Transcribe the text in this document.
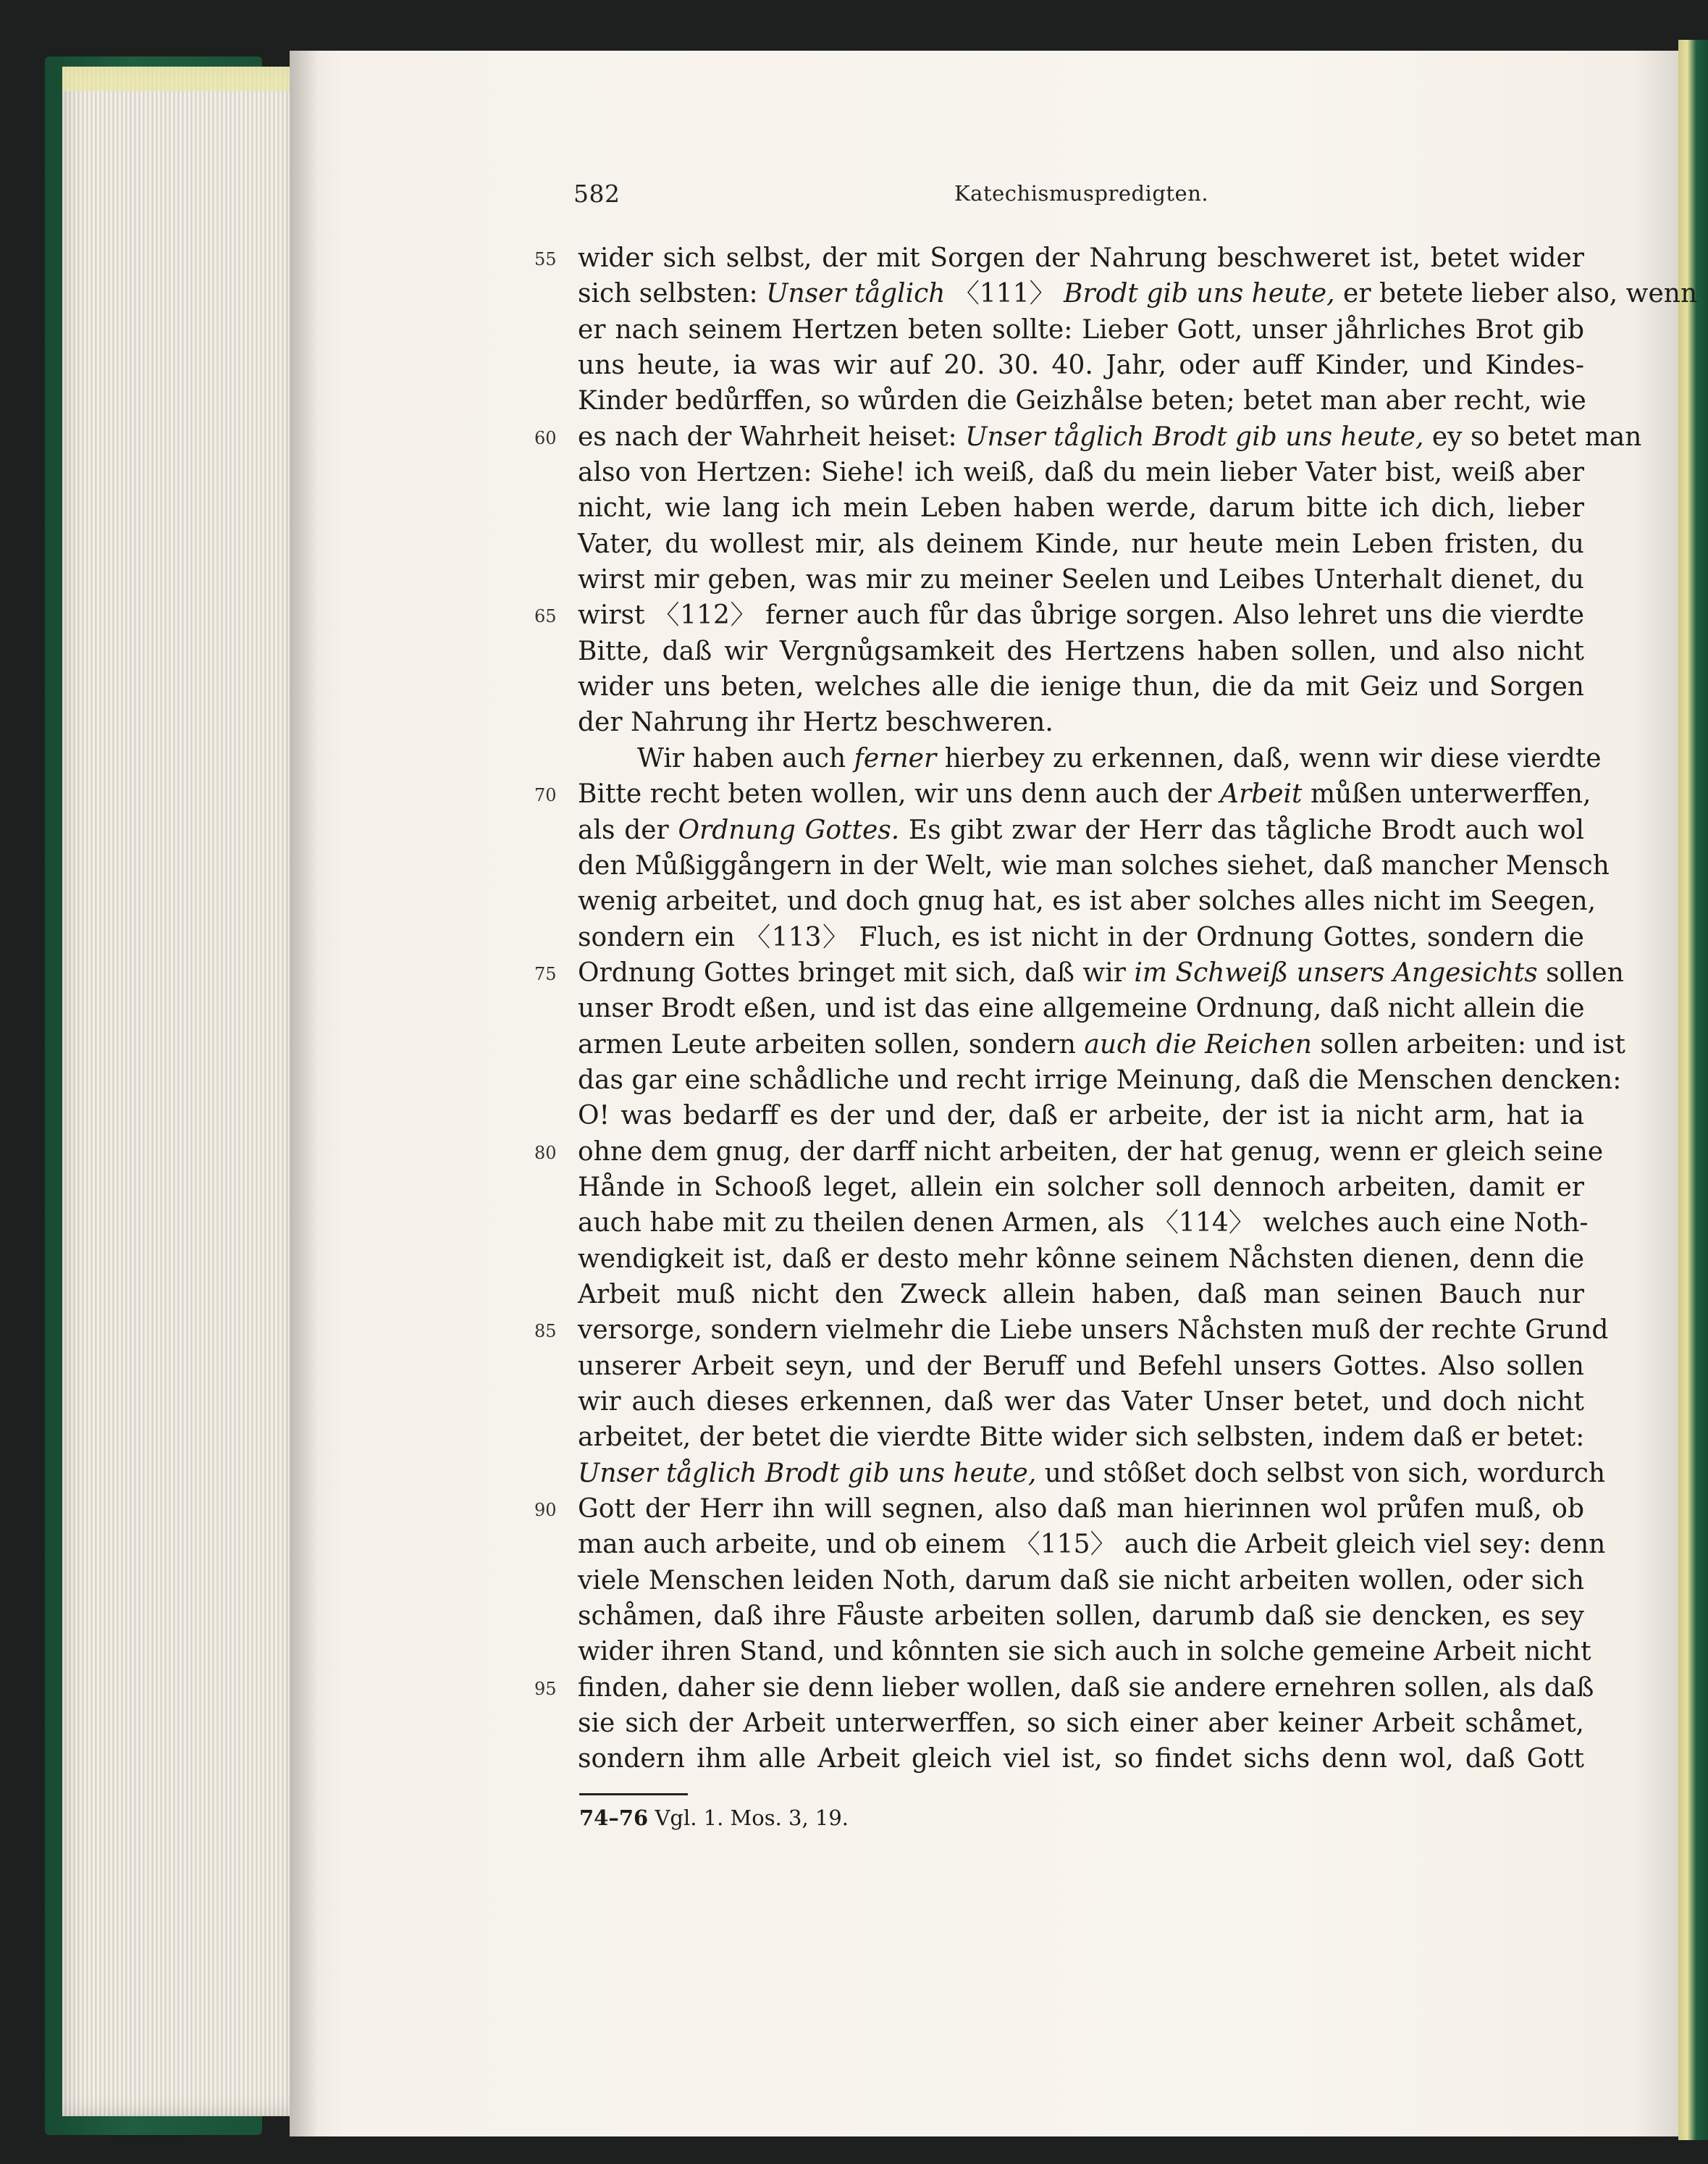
582	Katechismuspredigten.
55 wider sich selbst, der mit Sorgen der Nahrung beschweret ist, betet wider
sich selbsten: Unser tåglich 〈111〉 Brodt gib uns heute, er betete lieber also, wenn
er nach seinem Hertzen beten sollte: Lieber Gott, unser jåhrliches Brot gib
uns heute, ia was wir auf 20. 30. 40. Jahr, oder auff Kinder, und Kindes-
Kinder bedůrffen, so wůrden die Geizhålse beten; betet man aber recht, wie
60 es nach der Wahrheit heiset: Unser tåglich Brodt gib uns heute, ey so betet man
also von Hertzen: Siehe! ich weiß, daß du mein lieber Vater bist, weiß aber
nicht, wie lang ich mein Leben haben werde, darum bitte ich dich, lieber
Vater, du wollest mir, als deinem Kinde, nur heute mein Leben fristen, du
wirst mir geben, was mir zu meiner Seelen und Leibes Unterhalt dienet, du
65 wirst 〈112〉 ferner auch fůr das ůbrige sorgen. Also lehret uns die vierdte
Bitte, daß wir Vergnůgsamkeit des Hertzens haben sollen, und also nicht
wider uns beten, welches alle die ienige thun, die da mit Geiz und Sorgen
der Nahrung ihr Hertz beschweren.
Wir haben auch ferner hierbey zu erkennen, daß, wenn wir diese vierdte
70 Bitte recht beten wollen, wir uns denn auch der Arbeit můßen unterwerffen,
als der Ordnung Gottes. Es gibt zwar der Herr das tågliche Brodt auch wol
den Můßiggångern in der Welt, wie man solches siehet, daß mancher Mensch
wenig arbeitet, und doch gnug hat, es ist aber solches alles nicht im Seegen,
sondern ein 〈113〉 Fluch, es ist nicht in der Ordnung Gottes, sondern die
75 Ordnung Gottes bringet mit sich, daß wir im Schweiß unsers Angesichts sollen
unser Brodt eßen, und ist das eine allgemeine Ordnung, daß nicht allein die
armen Leute arbeiten sollen, sondern auch die Reichen sollen arbeiten: und ist
das gar eine schådliche und recht irrige Meinung, daß die Menschen dencken:
O! was bedarff es der und der, daß er arbeite, der ist ia nicht arm, hat ia
80 ohne dem gnug, der darff nicht arbeiten, der hat genug, wenn er gleich seine
Hånde in Schooß leget, allein ein solcher soll dennoch arbeiten, damit er
auch habe mit zu theilen denen Armen, als 〈114〉 welches auch eine Noth-
wendigkeit ist, daß er desto mehr kônne seinem Nåchsten dienen, denn die
Arbeit muß nicht den Zweck allein haben, daß man seinen Bauch nur
85 versorge, sondern vielmehr die Liebe unsers Nåchsten muß der rechte Grund
unserer Arbeit seyn, und der Beruff und Befehl unsers Gottes. Also sollen
wir auch dieses erkennen, daß wer das Vater Unser betet, und doch nicht
arbeitet, der betet die vierdte Bitte wider sich selbsten, indem daß er betet:
Unser tåglich Brodt gib uns heute, und stôßet doch selbst von sich, wordurch
90 Gott der Herr ihn will segnen, also daß man hierinnen wol průfen muß, ob
man auch arbeite, und ob einem 〈115〉 auch die Arbeit gleich viel sey: denn
viele Menschen leiden Noth, darum daß sie nicht arbeiten wollen, oder sich
schåmen, daß ihre Fåuste arbeiten sollen, darumb daß sie dencken, es sey
wider ihren Stand, und kônnten sie sich auch in solche gemeine Arbeit nicht
95 finden, daher sie denn lieber wollen, daß sie andere ernehren sollen, als daß
sie sich der Arbeit unterwerffen, so sich einer aber keiner Arbeit schåmet,
sondern ihm alle Arbeit gleich viel ist, so findet sichs denn wol, daß Gott
74–76 Vgl. 1. Mos. 3, 19.
